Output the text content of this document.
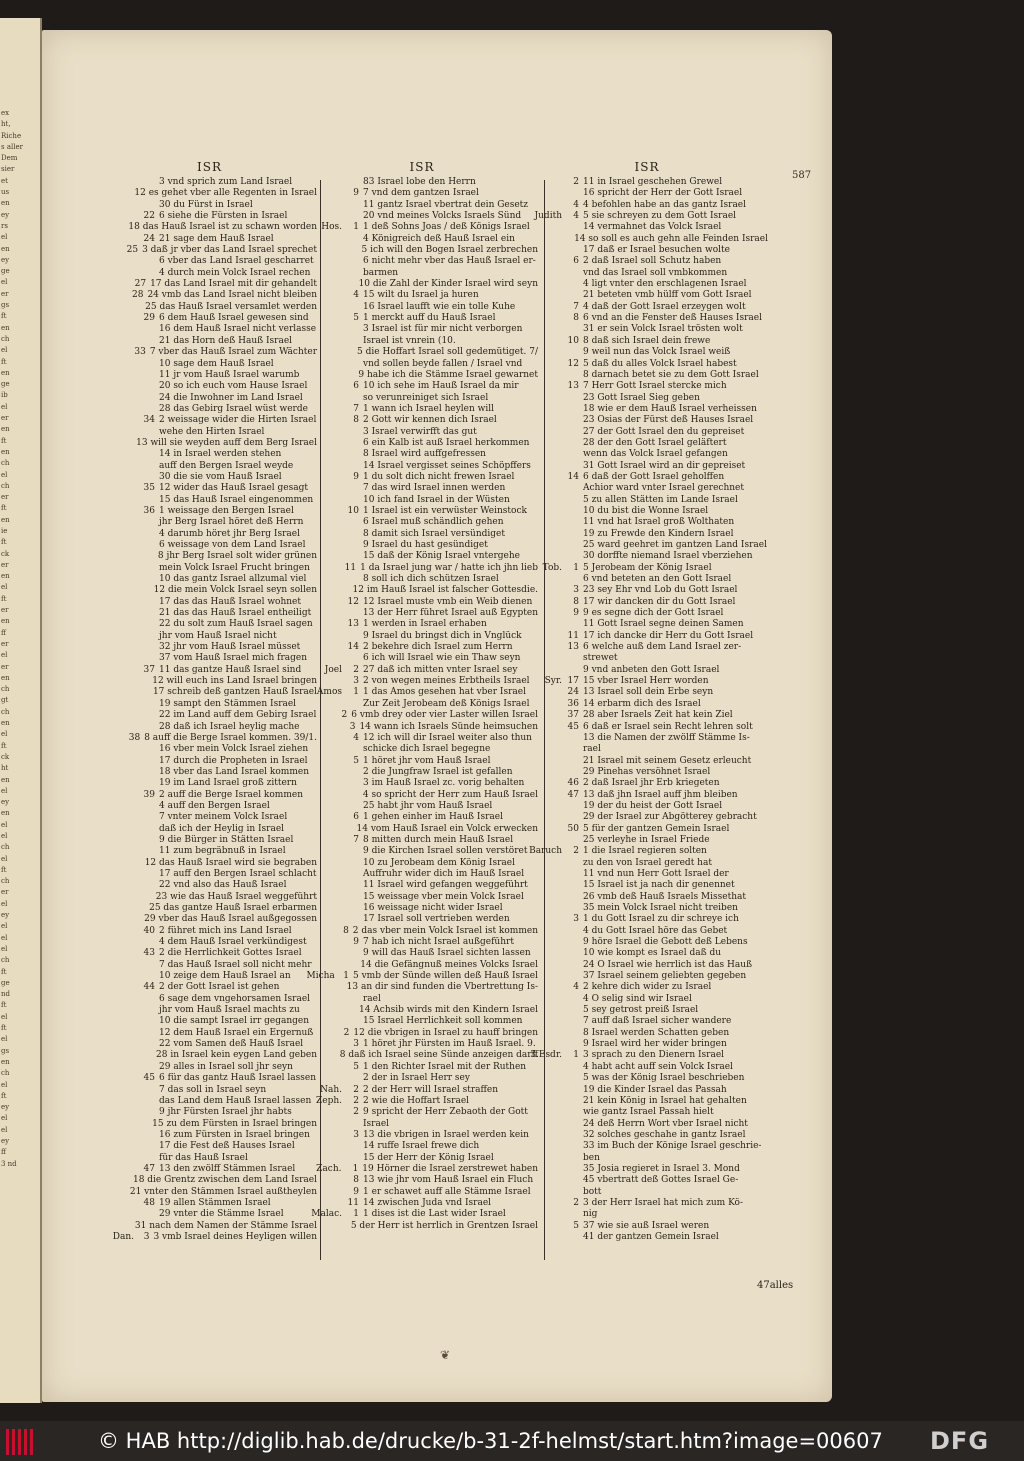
ex
ht,
Riche
s aller
Dem
sier
et
us
en
ey
rs
el
en
ey
ge
el
er
gs
ft
en
ch
el
ft
en
ge
ib
el
er
en
ft
en
ch
el
ch
er
ft
en
ie
ft
ck
er
en
el
ft
er
en
ff
er
el
er
en
ch
gt
ch
en
el
ft
ck
ht
en
el
ey
en
el
el
ch
el
ft
ch
er
el
ey
el
el
el
ch
ft
ge
nd
ft
el
ft
el
gs
en
ch
el
ft
ey
el
el
ey
ff
3 nd
587
ISR
3 vnd sprich zum Land Israel
12 es gehet vber alle Regenten in Israel
30 du Fürst in Israel
22 6 siehe die Fürsten in Israel
18 das Hauß Israel ist zu schawn worden
24 21 sage dem Hauß Israel
25 3 daß jr vber das Land Israel sprechet
6 vber das Land Israel gescharret
4 durch mein Volck Israel rechen
27 17 das Land Israel mit dir gehandelt
28 24 vmb das Land Israel nicht bleiben
25 das Hauß Israel versamlet werden
29 6 dem Hauß Israel gewesen sind
16 dem Hauß Israel nicht verlasse
21 das Horn deß Hauß Israel
33 7 vber das Hauß Israel zum Wächter
10 sage dem Hauß Israel
11 jr vom Hauß Israel warumb
20 so ich euch vom Hause Israel
24 die Inwohner im Land Israel
28 das Gebirg Israel wüst werde
34 2 weissage wider die Hirten Israel
wehe den Hirten Israel
13 will sie weyden auff dem Berg Israel
14 in Israel werden stehen
auff den Bergen Israel weyde
30 die sie vom Hauß Israel
35 12 wider das Hauß Israel gesagt
15 das Hauß Israel eingenommen
36 1 weissage den Bergen Israel
jhr Berg Israel höret deß Herrn
4 darumb höret jhr Berg Israel
6 weissage von dem Land Israel
8 jhr Berg Israel solt wider grünen
mein Volck Israel Frucht bringen
10 das gantz Israel allzumal viel
12 die mein Volck Israel seyn sollen
17 das das Hauß Israel wohnet
21 das das Hauß Israel entheiligt
22 du solt zum Hauß Israel sagen
jhr vom Hauß Israel nicht
32 jhr vom Hauß Israel müsset
37 vom Hauß Israel mich fragen
37 11 das gantze Hauß Israel sind
12 will euch ins Land Israel bringen
17 schreib deß gantzen Hauß Israel
19 sampt den Stämmen Israel
22 im Land auff dem Gebirg Israel
28 daß ich Israel heylig mache
38 8 auff die Berge Israel kommen. 39/1.
16 vber mein Volck Israel ziehen
17 durch die Propheten in Israel
18 vber das Land Israel kommen
19 im Land Israel groß zittern
39 2 auff die Berge Israel kommen
4 auff den Bergen Israel
7 vnter meinem Volck Israel
daß ich der Heylig in Israel
9 die Bürger in Stätten Israel
11 zum begräbnuß in Israel
12 das Hauß Israel wird sie begraben
17 auff den Bergen Israel schlacht
22 vnd also das Hauß Israel
23 wie das Hauß Israel weggeführt
25 das gantze Hauß Israel erbarmen
29 vber das Hauß Israel außgegossen
40 2 führet mich ins Land Israel
4 dem Hauß Israel verkündigest
43 2 die Herrlichkeit Gottes Israel
7 das Hauß Israel soll nicht mehr
10 zeige dem Hauß Israel an
44 2 der Gott Israel ist gehen
6 sage dem vngehorsamen Israel
jhr vom Hauß Israel machts zu
10 die sampt Israel irr gegangen
12 dem Hauß Israel ein Ergernuß
22 vom Samen deß Hauß Israel
28 in Israel kein eygen Land geben
29 alles in Israel soll jhr seyn
45 6 für das gantz Hauß Israel lassen
7 das soll in Israel seyn
das Land dem Hauß Israel lassen
9 jhr Fürsten Israel jhr habts
15 zu dem Fürsten in Israel bringen
16 zum Fürsten in Israel bringen
17 die Fest deß Hauses Israel
für das Hauß Israel
47 13 den zwölff Stämmen Israel
18 die Grentz zwischen dem Land Israel
21 vnter den Stämmen Israel außtheylen
48 19 allen Stämmen Israel
29 vnter die Stämme Israel
31 nach dem Namen der Stämme Israel
Dan.	3 3 vmb Israel deines Heyligen willen
ISR
83 Israel lobe den Herrn
9 7 vnd dem gantzen Israel
11 gantz Israel vbertrat dein Gesetz
20 vnd meines Volcks Israels Sünd
Hos.	1 1 deß Sohns Joas / deß Königs Israel
4 Königreich deß Hauß Israel ein
5 ich will den Bogen Israel zerbrechen
6 nicht mehr vber das Hauß Israel er-
barmen
10 die Zahl der Kinder Israel wird seyn
4 15 wilt du Israel ja huren
16 Israel laufft wie ein tolle Kuhe
5 1 merckt auff du Hauß Israel
3 Israel ist für mir nicht verborgen
Israel ist vnrein (10.
5 die Hoffart Israel soll gedemütiget. 7/
vnd sollen beyde fallen / Israel vnd
9 habe ich die Stämme Israel gewarnet
6 10 ich sehe im Hauß Israel da mir
so verunreiniget sich Israel
7 1 wann ich Israel heylen will
8 2 Gott wir kennen dich Israel
3 Israel verwirfft das gut
6 ein Kalb ist auß Israel herkommen
8 Israel wird auffgefressen
14 Israel vergisset seines Schöpffers
9 1 du solt dich nicht frewen Israel
7 das wird Israel innen werden
10 ich fand Israel in der Wüsten
10 1 Israel ist ein verwüster Weinstock
6 Israel muß schändlich gehen
8 damit sich Israel versündiget
9 Israel du hast gesündiget
15 daß der König Israel vntergehe
11 1 da Israel jung war / hatte ich jhn lieb
8 soll ich dich schützen Israel
12 im Hauß Israel ist falscher Gottesdie.
12 12 Israel muste vmb ein Weib dienen
13 der Herr führet Israel auß Egypten
13 1 werden in Israel erhaben
9 Israel du bringst dich in Vnglück
14 2 bekehre dich Israel zum Herrn
6 ich will Israel wie ein Thaw seyn
Joel	2 27 daß ich mitten vnter Israel sey
3 2 von wegen meines Erbtheils Israel
Amos	1 1 das Amos gesehen hat vber Israel
Zur Zeit Jerobeam deß Königs Israel
2 6 vmb drey oder vier Laster willen Israel
3 14 wann ich Israels Sünde heimsuchen
4 12 ich will dir Israel weiter also thun
schicke dich Israel begegne
5 1 höret jhr vom Hauß Israel
2 die Jungfraw Israel ist gefallen
3 im Hauß Israel zc. vorig behalten
4 so spricht der Herr zum Hauß Israel
25 habt jhr vom Hauß Israel
6 1 gehen einher im Hauß Israel
14 vom Hauß Israel ein Volck erwecken
7 8 mitten durch mein Hauß Israel
9 die Kirchen Israel sollen verstöret
10 zu Jerobeam dem König Israel
Auffruhr wider dich im Hauß Israel
11 Israel wird gefangen weggeführt
15 weissage vber mein Volck Israel
16 weissage nicht wider Israel
17 Israel soll vertrieben werden
8 2 das vber mein Volck Israel ist kommen
9 7 hab ich nicht Israel außgeführt
9 will das Hauß Israel sichten lassen
14 die Gefängnuß meines Volcks Israel
Micha 1 5 vmb der Sünde willen deß Hauß Israel
13 an dir sind funden die Vbertrettung Is-
rael
14 Achsib wirds mit den Kindern Israel
15 Israel Herrlichkeit soll kommen
2 12 die vbrigen in Israel zu hauff bringen
3 1 höret jhr Fürsten im Hauß Israel. 9.
8 daß ich Israel seine Sünde anzeigen darff
5 1 den Richter Israel mit der Ruthen
2 der in Israel Herr sey
Nah.	2 2 der Herr will Israel straffen
Zeph.	2 2 wie die Hoffart Israel
2 9 spricht der Herr Zebaoth der Gott
Israel
3 13 die vbrigen in Israel werden kein
14 ruffe Israel frewe dich
15 der Herr der König Israel
Zach.	1 19 Hörner die Israel zerstrewet haben
8 13 wie jhr vom Hauß Israel ein Fluch
9 1 er schawet auff alle Stämme Israel
11 14 zwischen Juda vnd Israel
Malac.	1 1 dises ist die Last wider Israel
5 der Herr ist herrlich in Grentzen Israel
ISR
2 11 in Israel geschehen Grewel
16 spricht der Herr der Gott Israel
4 4 befohlen habe an das gantz Israel
Judith	4 5 sie schreyen zu dem Gott Israel
14 vermahnet das Volck Israel
14 so soll es auch gehn alle Feinden Israel
17 daß er Israel besuchen wolte
6 2 daß Israel soll Schutz haben
vnd das Israel soll vmbkommen
4 ligt vnter den erschlagenen Israel
21 beteten vmb hülff vom Gott Israel
7 4 daß der Gott Israel erzeygen wolt
8 6 vnd an die Fenster deß Hauses Israel
31 er sein Volck Israel trösten wolt
10 8 daß sich Israel dein frewe
9 weil nun das Volck Israel weiß
12 5 daß du alles Volck Israel habest
8 darnach betet sie zu dem Gott Israel
13 7 Herr Gott Israel stercke mich
23 Gott Israel Sieg geben
18 wie er dem Hauß Israel verheissen
23 Osias der Fürst deß Hauses Israel
27 der Gott Israel den du gepreiset
28 der den Gott Israel geläftert
wenn das Volck Israel gefangen
31 Gott Israel wird an dir gepreiset
14 6 daß der Gott Israel geholffen
Achior ward vnter Israel gerechnet
5 zu allen Stätten im Lande Israel
10 du bist die Wonne Israel
11 vnd hat Israel groß Wolthaten
19 zu Frewde den Kindern Israel
25 ward geehret im gantzen Land Israel
30 dorffte niemand Israel vberziehen
Tob.	1 5 Jerobeam der König Israel
6 vnd beteten an den Gott Israel
3 23 sey Ehr vnd Lob du Gott Israel
8 17 wir dancken dir du Gott Israel
9 9 es segne dich der Gott Israel
11 Gott Israel segne deinen Samen
11 17 ich dancke dir Herr du Gott Israel
13 6 welche auß dem Land Israel zer-
strewet
9 vnd anbeten den Gott Israel
Syr. 17 15 vber Israel Herr worden
24 13 Israel soll dein Erbe seyn
36 14 erbarm dich des Israel
37 28 aber Israels Zeit hat kein Ziel
45 6 daß er Israel sein Recht lehren solt
13 die Namen der zwölff Stämme Is-
rael
21 Israel mit seinem Gesetz erleucht
29 Pinehas versöhnet Israel
46 2 daß Israel jhr Erb kriegeten
47 13 daß jhn Israel auff jhm bleiben
19 der du heist der Gott Israel
29 der Israel zur Abgötterey gebracht
50 5 für der gantzen Gemein Israel
25 verleyhe in Israel Friede
Baruch	2 1 die Israel regieren solten
zu den von Israel geredt hat
11 vnd nun Herr Gott Israel der
15 Israel ist ja nach dir genennet
26 vmb deß Hauß Israels Missethat
35 mein Volck Israel nicht treiben
3 1 du Gott Israel zu dir schreye ich
4 du Gott Israel höre das Gebet
9 höre Israel die Gebott deß Lebens
10 wie kompt es Israel daß du
24 O Israel wie herrlich ist das Hauß
37 Israel seinem geliebten gegeben
4 2 kehre dich wider zu Israel
4 O selig sind wir Israel
5 sey getrost preiß Israel
7 auff daß Israel sicher wandere
8 Israel werden Schatten geben
9 Israel wird her wider bringen
3.Esdr.	1 3 sprach zu den Dienern Israel
4 habt acht auff sein Volck Israel
5 was der König Israel beschrieben
19 die Kinder Israel das Passah
21 kein König in Israel hat gehalten
wie gantz Israel Passah hielt
24 deß Herrn Wort vber Israel nicht
32 solches geschahe in gantz Israel
33 im Buch der Könige Israel geschrie-
ben
35 Josia regieret in Israel 3. Mond
45 vbertratt deß Gottes Israel Ge-
bott
2 3 der Herr Israel hat mich zum Kö-
nig
5 37 wie sie auß Israel weren
41 der gantzen Gemein Israel
47alles
❦
© HAB http://diglib.hab.de/drucke/b-31-2f-helmst/start.htm?image=00607 DFG
